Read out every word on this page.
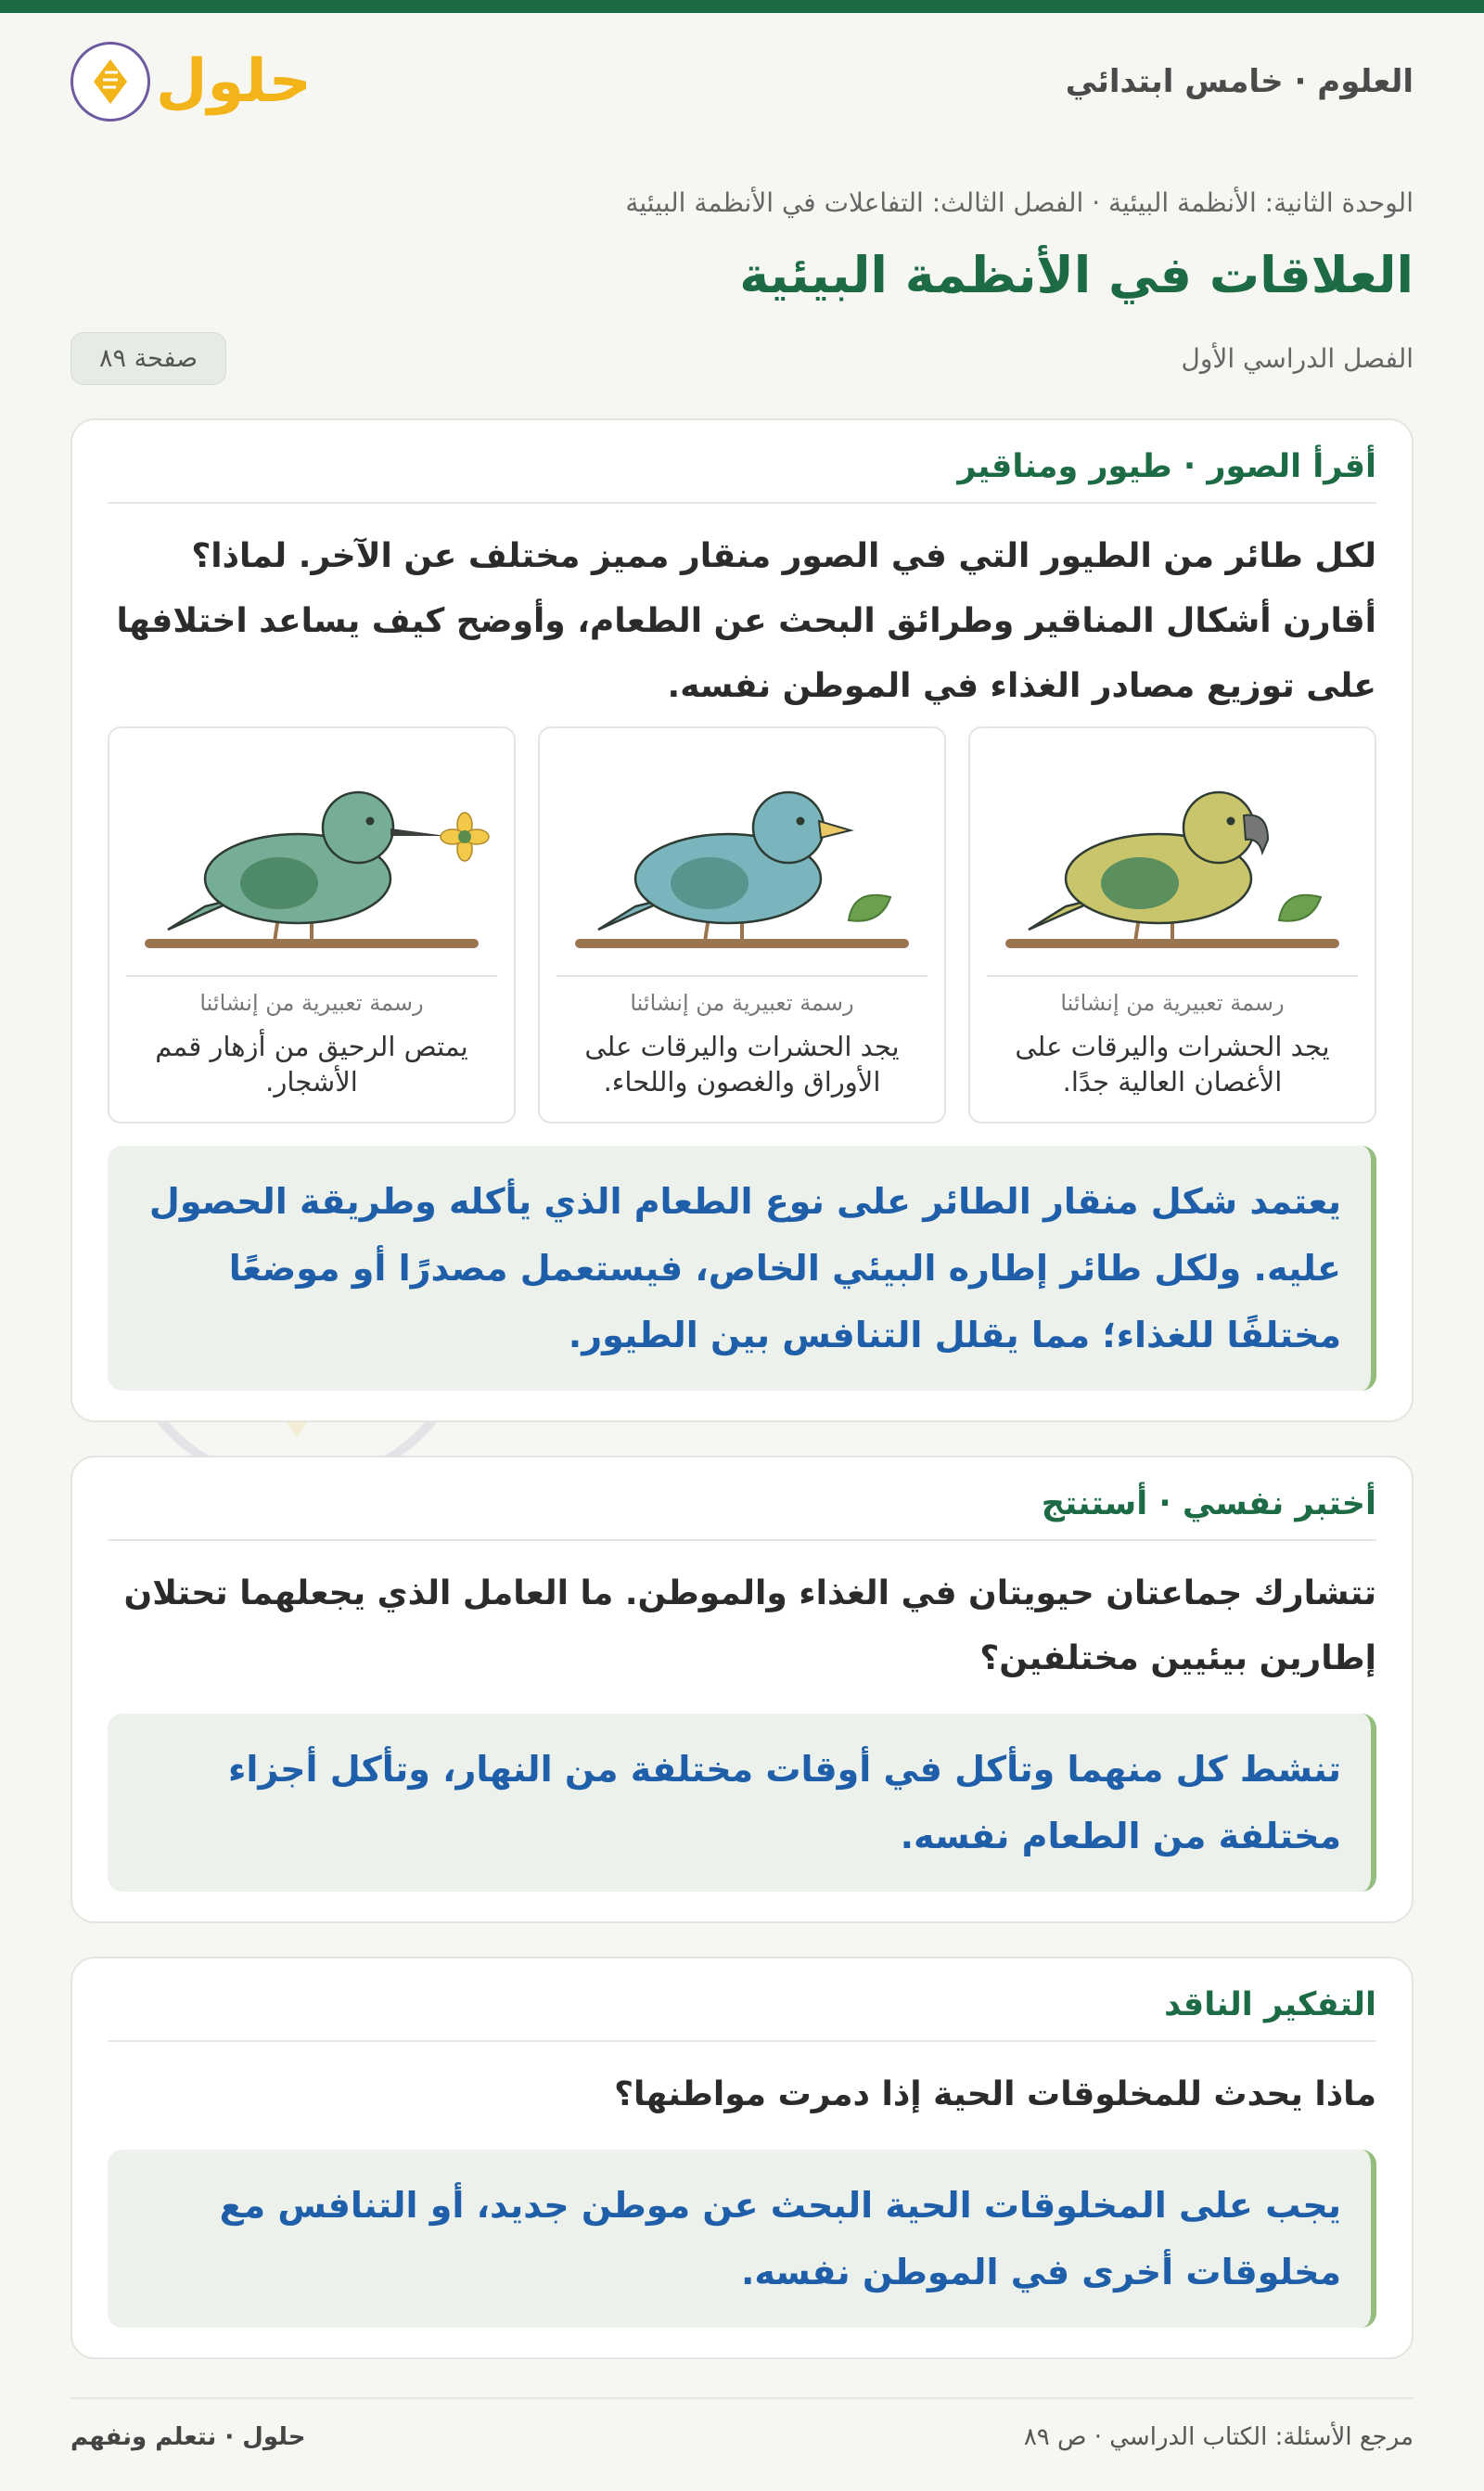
العلوم · خامس ابتدائي
حلول
الوحدة الثانية: الأنظمة البيئية · الفصل الثالث: التفاعلات في الأنظمة البيئية
العلاقات في الأنظمة البيئية
الفصل الدراسي الأول
صفحة ٨٩
أقرأ الصور · طيور ومناقير
لكل طائر من الطيور التي في الصور منقار مميز مختلف عن الآخر. لماذا؟ أقارن أشكال المناقير وطرائق البحث عن الطعام، وأوضح كيف يساعد اختلافها على توزيع مصادر الغذاء في الموطن نفسه.
رسمة تعبيرية من إنشائنا
يجد الحشرات واليرقات على الأغصان العالية جدًا.
رسمة تعبيرية من إنشائنا
يجد الحشرات واليرقات على الأوراق والغصون واللحاء.
رسمة تعبيرية من إنشائنا
يمتص الرحيق من أزهار قمم الأشجار.
يعتمد شكل منقار الطائر على نوع الطعام الذي يأكله وطريقة الحصول عليه. ولكل طائر إطاره البيئي الخاص، فيستعمل مصدرًا أو موضعًا مختلفًا للغذاء؛ مما يقلل التنافس بين الطيور.
أختبر نفسي · أستنتج
تتشارك جماعتان حيويتان في الغذاء والموطن. ما العامل الذي يجعلهما تحتلان إطارين بيئيين مختلفين؟
تنشط كل منهما وتأكل في أوقات مختلفة من النهار، وتأكل أجزاء مختلفة من الطعام نفسه.
التفكير الناقد
ماذا يحدث للمخلوقات الحية إذا دمرت مواطنها؟
يجب على المخلوقات الحية البحث عن موطن جديد، أو التنافس مع مخلوقات أخرى في الموطن نفسه.
مرجع الأسئلة: الكتاب الدراسي · ص ٨٩
حلول · نتعلم ونفهم
